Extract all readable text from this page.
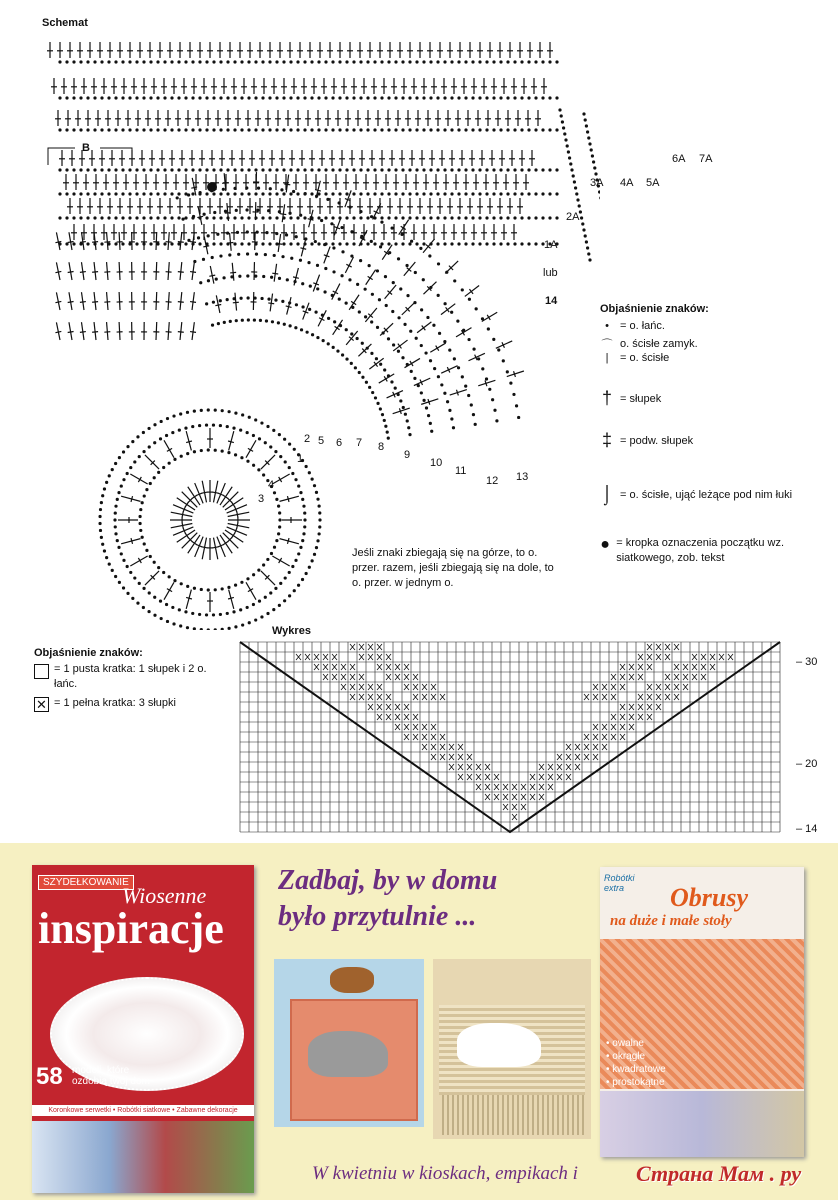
Schemat
B
7A
6A
5A
4A
3A
2A
1A
lub
14
1
2
3
4
5 6 7 8
9
10
11
12 13
Objaśnienie znaków:
•	= o. łańc.
⌒ o. ścisłe zamyk.
|	= o. ścisłe
† = słupek
‡ = podw. słupek
⌡ = o. ścisłe, ująć leżące pod nim łuki
● = kropka oznaczenia początku wz. siatkowego, zob. tekst
Jeśli znaki zbiegają się na górze, to o. przer. razem, jeśli zbiegają się na dole, to o. przer. w jednym o.
Wykres
– 30
– 20
– 14
Objaśnienie znaków:
= 1 pusta kratka: 1 słupek i 2 o. łańc.
✕ = 1 pełna kratka: 3 słupki
SZYDEŁKOWANIE
Wiosenne
inspiracje
58 modeli, które ozdobią twój dom
Koronkowe serwetki • Robótki siatkowe • Zabawne dekoracje
Zadbaj, by w domu
było przytulnie ...
Robótki extra	Obrusy
na duże i małe stoły
• owalne
• okrągłe
• kwadratowe
• prostokątne
W kwietniu w kioskach, empikach i	Страна Мам . ру
